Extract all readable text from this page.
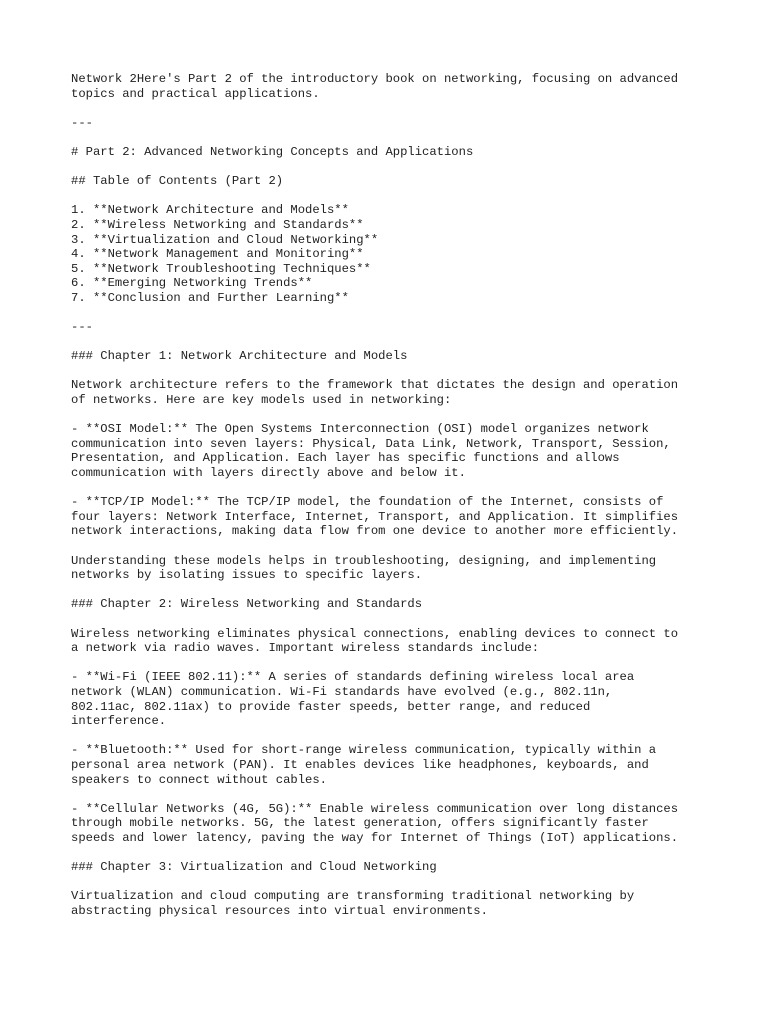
Network 2Here's Part 2 of the introductory book on networking, focusing on advanced
topics and practical applications.

---

# Part 2: Advanced Networking Concepts and Applications

## Table of Contents (Part 2)

1. **Network Architecture and Models**
2. **Wireless Networking and Standards**
3. **Virtualization and Cloud Networking**
4. **Network Management and Monitoring**
5. **Network Troubleshooting Techniques**
6. **Emerging Networking Trends**
7. **Conclusion and Further Learning**

---

### Chapter 1: Network Architecture and Models

Network architecture refers to the framework that dictates the design and operation
of networks. Here are key models used in networking:

- **OSI Model:** The Open Systems Interconnection (OSI) model organizes network
communication into seven layers: Physical, Data Link, Network, Transport, Session,
Presentation, and Application. Each layer has specific functions and allows
communication with layers directly above and below it.

- **TCP/IP Model:** The TCP/IP model, the foundation of the Internet, consists of
four layers: Network Interface, Internet, Transport, and Application. It simplifies
network interactions, making data flow from one device to another more efficiently.

Understanding these models helps in troubleshooting, designing, and implementing
networks by isolating issues to specific layers.

### Chapter 2: Wireless Networking and Standards

Wireless networking eliminates physical connections, enabling devices to connect to
a network via radio waves. Important wireless standards include:

- **Wi-Fi (IEEE 802.11):** A series of standards defining wireless local area
network (WLAN) communication. Wi-Fi standards have evolved (e.g., 802.11n,
802.11ac, 802.11ax) to provide faster speeds, better range, and reduced
interference.

- **Bluetooth:** Used for short-range wireless communication, typically within a
personal area network (PAN). It enables devices like headphones, keyboards, and
speakers to connect without cables.

- **Cellular Networks (4G, 5G):** Enable wireless communication over long distances
through mobile networks. 5G, the latest generation, offers significantly faster
speeds and lower latency, paving the way for Internet of Things (IoT) applications.

### Chapter 3: Virtualization and Cloud Networking

Virtualization and cloud computing are transforming traditional networking by
abstracting physical resources into virtual environments.
